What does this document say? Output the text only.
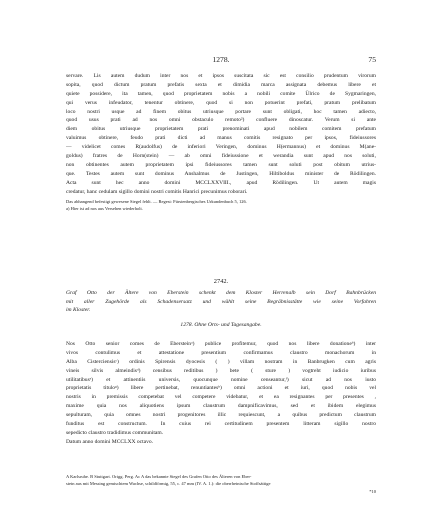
1278.	75
servare. Lis autem dudum inter nos et ipsos suscitata sic est consilio prudentum virorum
sopita, quod dictum pratum prefatis sexta et dimidia marca assignata debemus libere et
quiete possidere, ita tamen, quod proprietatem nobis a nobili comite Ülrico de Sygmaringen,
qui verus infeudator, tenentur obtinere, quod si non potuerint prefati, pratum prelibatum
loco nostri usque ad finem obitus utriusque portare sunt obligati, hoc tamen adiecto,
quod usus prati ad nos omni obstaculo remoto²) confluere dinoscatur. Verum si ante
diem obitus utriusque proprietatem prati prenominati apud nobilem comitem prefatum
valuimus obtinere, feudo prati dicti ad manus comitis resignato per ipsos, fideiussores
— videlicet comes R(audolfus) de inferiori Veringen, dominus H(ermannus) et dominus M(ane-
goldus) fratres de Horn(stein) — ab omni fideiussione et werandia sunt apud nos soluti,
non obtinentes autem proprietatem ipsi fideiussores tamen sunt soluti post obitum utrius-
que. Testes autem sunt dominus Anshalmus de Justingen, Hiltiboldus minister de Rödilingen.
Acta sunt hec anno domini MCCLXXVIII., apud Rödilingen. Ut autem magis
credatur, hanc cedulam sigillo domini nostri comitis Hanrici precunimus roborari.
Das abhangend befestigt gewesene Siegel fehlt. — Regest: Fürstenbergisches Urkundenbuch 5, 126.
a) Hier ist ad nos aus Versehen wiederholt.
2742.
Graf Otto der Ältere von Eberstein schenkt dem Kloster Herrenalb sein Dorf Bahnbrücken
mit aller Zugehörde als Schadensersatz und wählt seine Begräbnisstätte wie seine Vorfahren
im Kloster.
1278. Ohne Orts- und Tagesangabe.
Nos Otto senior comes de Ebersteinᵃ) publice profitemur, quod nos libere donationeᵇ) inter
vivos contulimus et attestatione presentium confirmamus claustro monachorum in
Alba Cisterciensisᶜ) ordinis Spirensis dyocesis ( ) villam nostram in Banbrugken cum agris
vineis silvis almeindisᵈ) censibus reditibus ) bete ( sture ) vogtreht iudicio iuribus
utilitatibusᵉ) et attinentiis universis, quocunque nomine censeantur,ᶠ) sicut ad nos iusto
proprietatis tituloᵍ) libere pertinebat, renuntiantesʰ) omni actioni et iuri, quod nobis vel
nostris in premissis competebat vel competere videbatur, et ea resignantes per presentes ,
maxime quia nos aliquotiens ipsum claustrum dampnificavimus, sed et ibidem elegimus
sepulturam, quia omnes nostri progenitores illic requiescunt, a quibus predictum claustrum
funditus est constructum. In cuius rei certitudinem presentem litteram sigillo nostro
sepedicto claustro tradidimus communitam.
Datum anno domini MCCLXX octavo.
A Karlsruhe. B Stuttgart. Origg. Perg. Ac A das bekannte Siegel des Grafen Otto des Älteren von Eber-
stein aus mit Messing gemischtem Wachse, schildförmig, 55, c. 47 mm (IV. A. 1.): die oberrheinische Stoffsättige
*10
